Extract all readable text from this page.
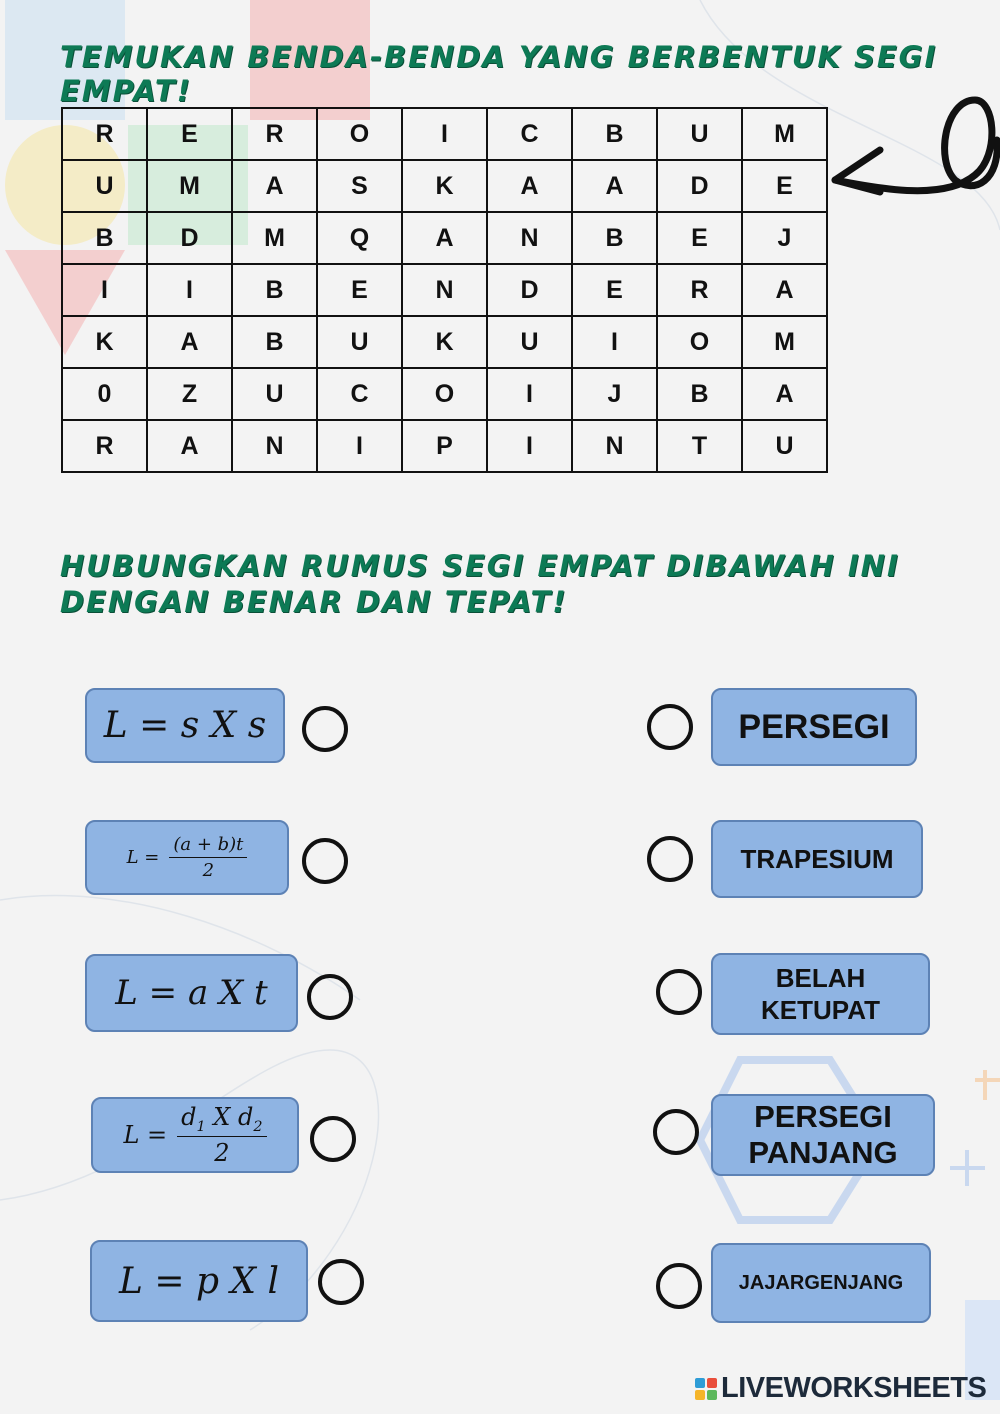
TEMUKAN BENDA-BENDA YANG BERBENTUK SEGI EMPAT!
R	E	R	O	I	C	B	U	M
U	M	A	S	K	A	A	D	E
B	D	M	Q	A	N	B	E	J
I	I	B	E	N	D	E	R	A
K	A	B	U	K	U	I	O	M
0	Z	U	C	O	I	J	B	A
R	A	N	I	P	I	N	T	U
HUBUNGKAN RUMUS SEGI EMPAT DIBAWAH INI DENGAN BENAR DAN TEPAT!
L = s X s
$L = \frac{(a + b)t}{2}$
L = a X t
$L = \frac{d_1 X d_2}{2}$
L = p X l
PERSEGI
TRAPESIUM
BELAH
KETUPAT
PERSEGI
PANJANG
JAJARGENJANG
LIVEWORKSHEETS
